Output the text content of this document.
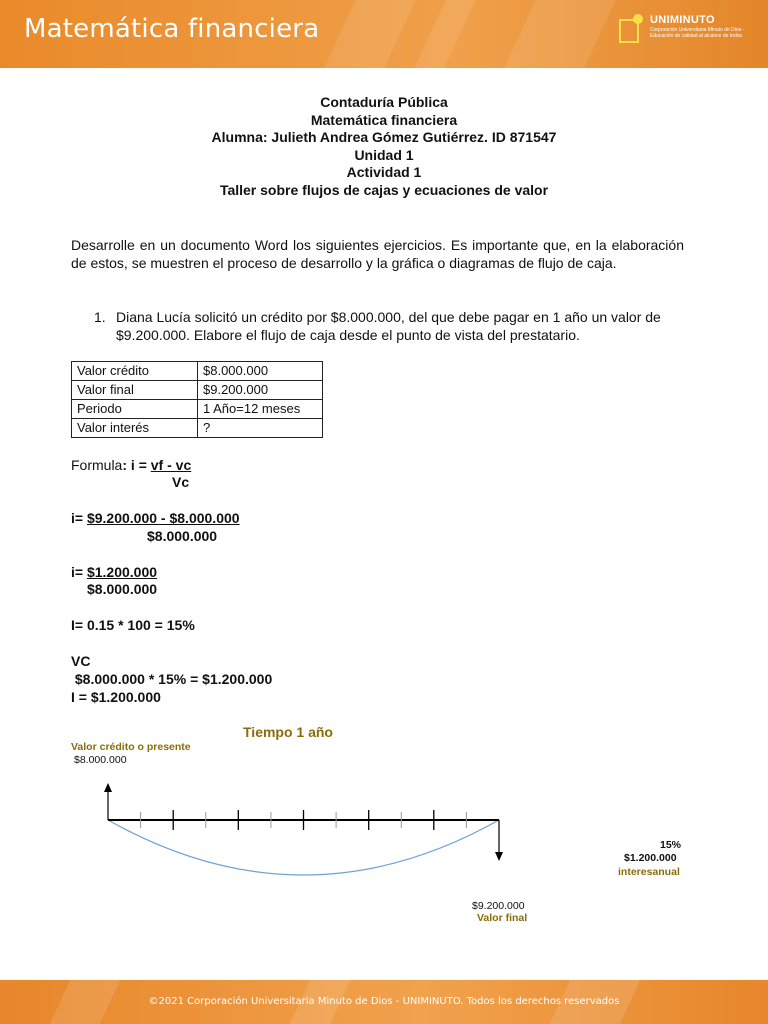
Matemática financiera	UNIMINUTO
Corporación Universitaria Minuto de Dios · Educación de calidad al alcance de todos
Contaduría Pública
Matemática financiera
Alumna: Julieth Andrea Gómez Gutiérrez. ID 871547
Unidad 1
Actividad 1
Taller sobre flujos de cajas y ecuaciones de valor
Desarrolle en un documento Word los siguientes ejercicios. Es importante que, en la elaboración de estos, se muestren el proceso de desarrollo y la gráfica o diagramas de flujo de caja.
1. Diana Lucía solicitó un crédito por $8.000.000, del que debe pagar en 1 año un valor de $9.200.000. Elabore el flujo de caja desde el punto de vista del prestatario.
Valor crédito	$8.000.000
Valor final	$9.200.000
Periodo	1 Año=12 meses
Valor interés	?
Formula: i = vf - vc
Vc
i= $9.200.000 - $8.000.000
$8.000.000
i= $1.200.000
$8.000.000
I= 0.15 * 100 = 15%
VC
$8.000.000 * 15% = $1.200.000
I = $1.200.000
Tiempo 1 año
Valor crédito o presente
$8.000.000
15%
$1.200.000
interesanual
$9.200.000
Valor final
©2021 Corporación Universitaria Minuto de Dios - UNIMINUTO. Todos los derechos reservados
